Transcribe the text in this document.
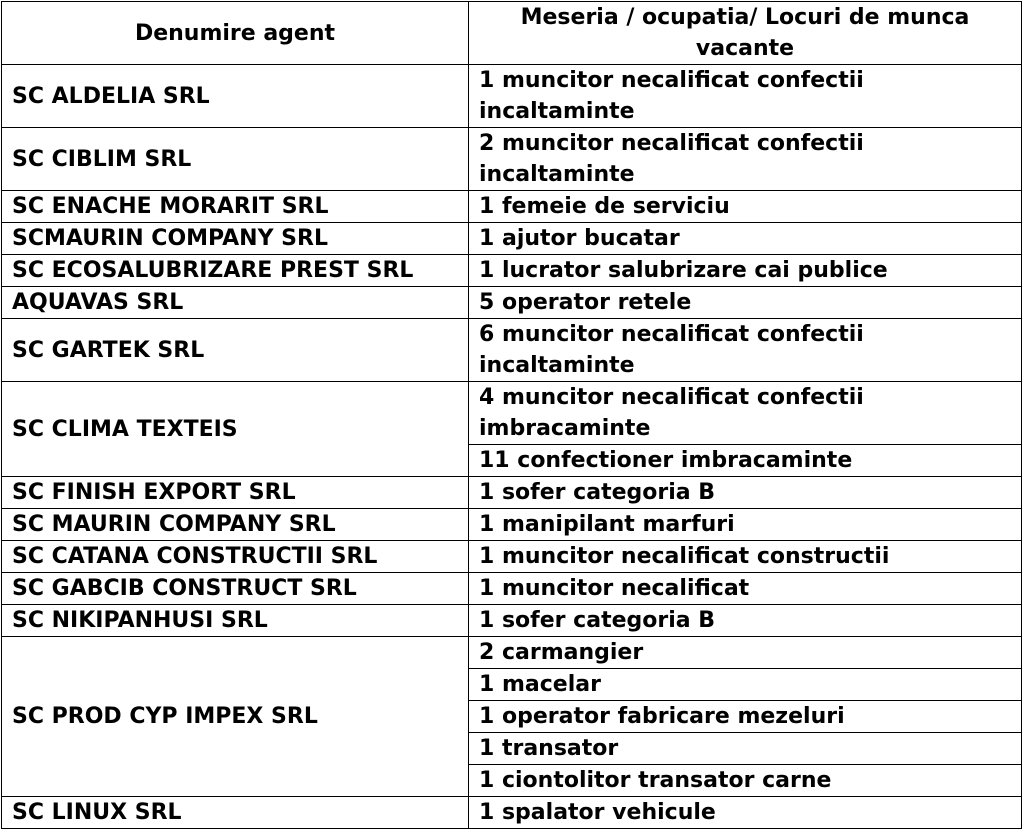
Denumire agent	Meseria / ocupatia/ Locuri de munca vacante
SC ALDELIA SRL	1 muncitor necalificat confectii incaltaminte
SC CIBLIM SRL	2 muncitor necalificat confectii incaltaminte
SC ENACHE MORARIT SRL	1 femeie de serviciu
SCMAURIN COMPANY SRL	1 ajutor bucatar
SC ECOSALUBRIZARE PREST SRL	1 lucrator salubrizare cai publice
AQUAVAS SRL	5 operator retele
SC GARTEK SRL	6 muncitor necalificat confectii incaltaminte
SC CLIMA TEXTEIS	4 muncitor necalificat confectii imbracaminte
	11 confectioner imbracaminte
SC FINISH EXPORT SRL	1 sofer categoria B
SC MAURIN COMPANY SRL	1 manipilant marfuri
SC CATANA CONSTRUCTII SRL	1 muncitor necalificat constructii
SC GABCIB CONSTRUCT SRL	1 muncitor necalificat
SC NIKIPANHUSI SRL	1 sofer categoria B
SC PROD CYP IMPEX SRL	2 carmangier
	1 macelar
	1 operator fabricare mezeluri
	1 transator
	1 ciontolitor transator carne
SC LINUX SRL	1 spalator vehicule
